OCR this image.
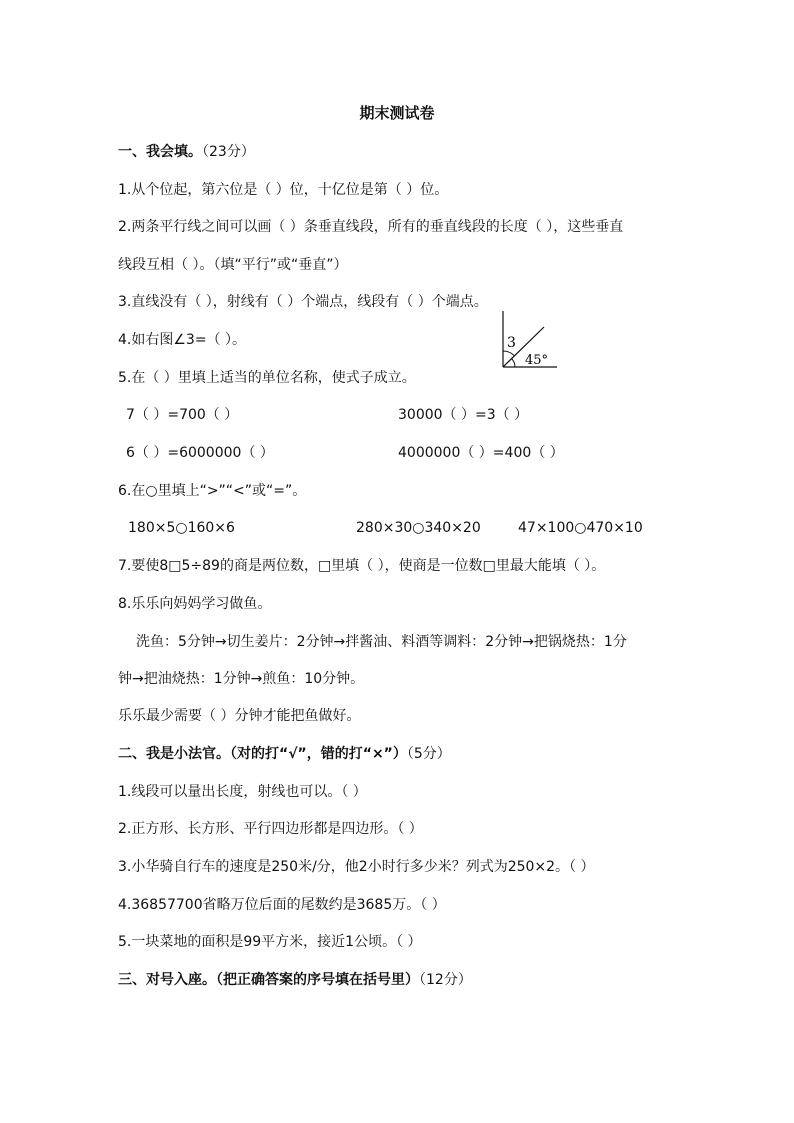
期末测试卷
一、我会填。（23分）
1.从个位起，第六位是（ ）位，十亿位是第（ ）位。
2.两条平行线之间可以画（ ）条垂直线段，所有的垂直线段的长度（ ），这些垂直
线段互相（ ）。（填“平行”或“垂直”）
3.直线没有（ ），射线有（ ）个端点，线段有（ ）个端点。
4.如右图∠3=（ ）。	3
45°
5.在（ ）里填上适当的单位名称，使式子成立。
7（ ）=700（ ）	30000（ ）=3（ ）
6（ ）=6000000（ ）	4000000（ ）=400（ ）
6.在○里填上“>”“<”或“=”。
180×5○160×6	280×30○340×20	47×100○470×10
7.要使8□5÷89的商是两位数，□里填（ ），使商是一位数□里最大能填（ ）。
8.乐乐向妈妈学习做鱼。
洗鱼：5分钟→切生姜片：2分钟→拌酱油、料酒等调料：2分钟→把锅烧热：1分
钟→把油烧热：1分钟→煎鱼：10分钟。
乐乐最少需要（ ）分钟才能把鱼做好。
二、我是小法官。（对的打“√”，错的打“×”）（5分）
1.线段可以量出长度，射线也可以。（ ）
2.正方形、长方形、平行四边形都是四边形。（ ）
3.小华骑自行车的速度是250米/分，他2小时行多少米？列式为250×2。（ ）
4.36857700省略万位后面的尾数约是3685万。（ ）
5.一块菜地的面积是99平方米，接近1公顷。（ ）
三、对号入座。（把正确答案的序号填在括号里）（12分）
